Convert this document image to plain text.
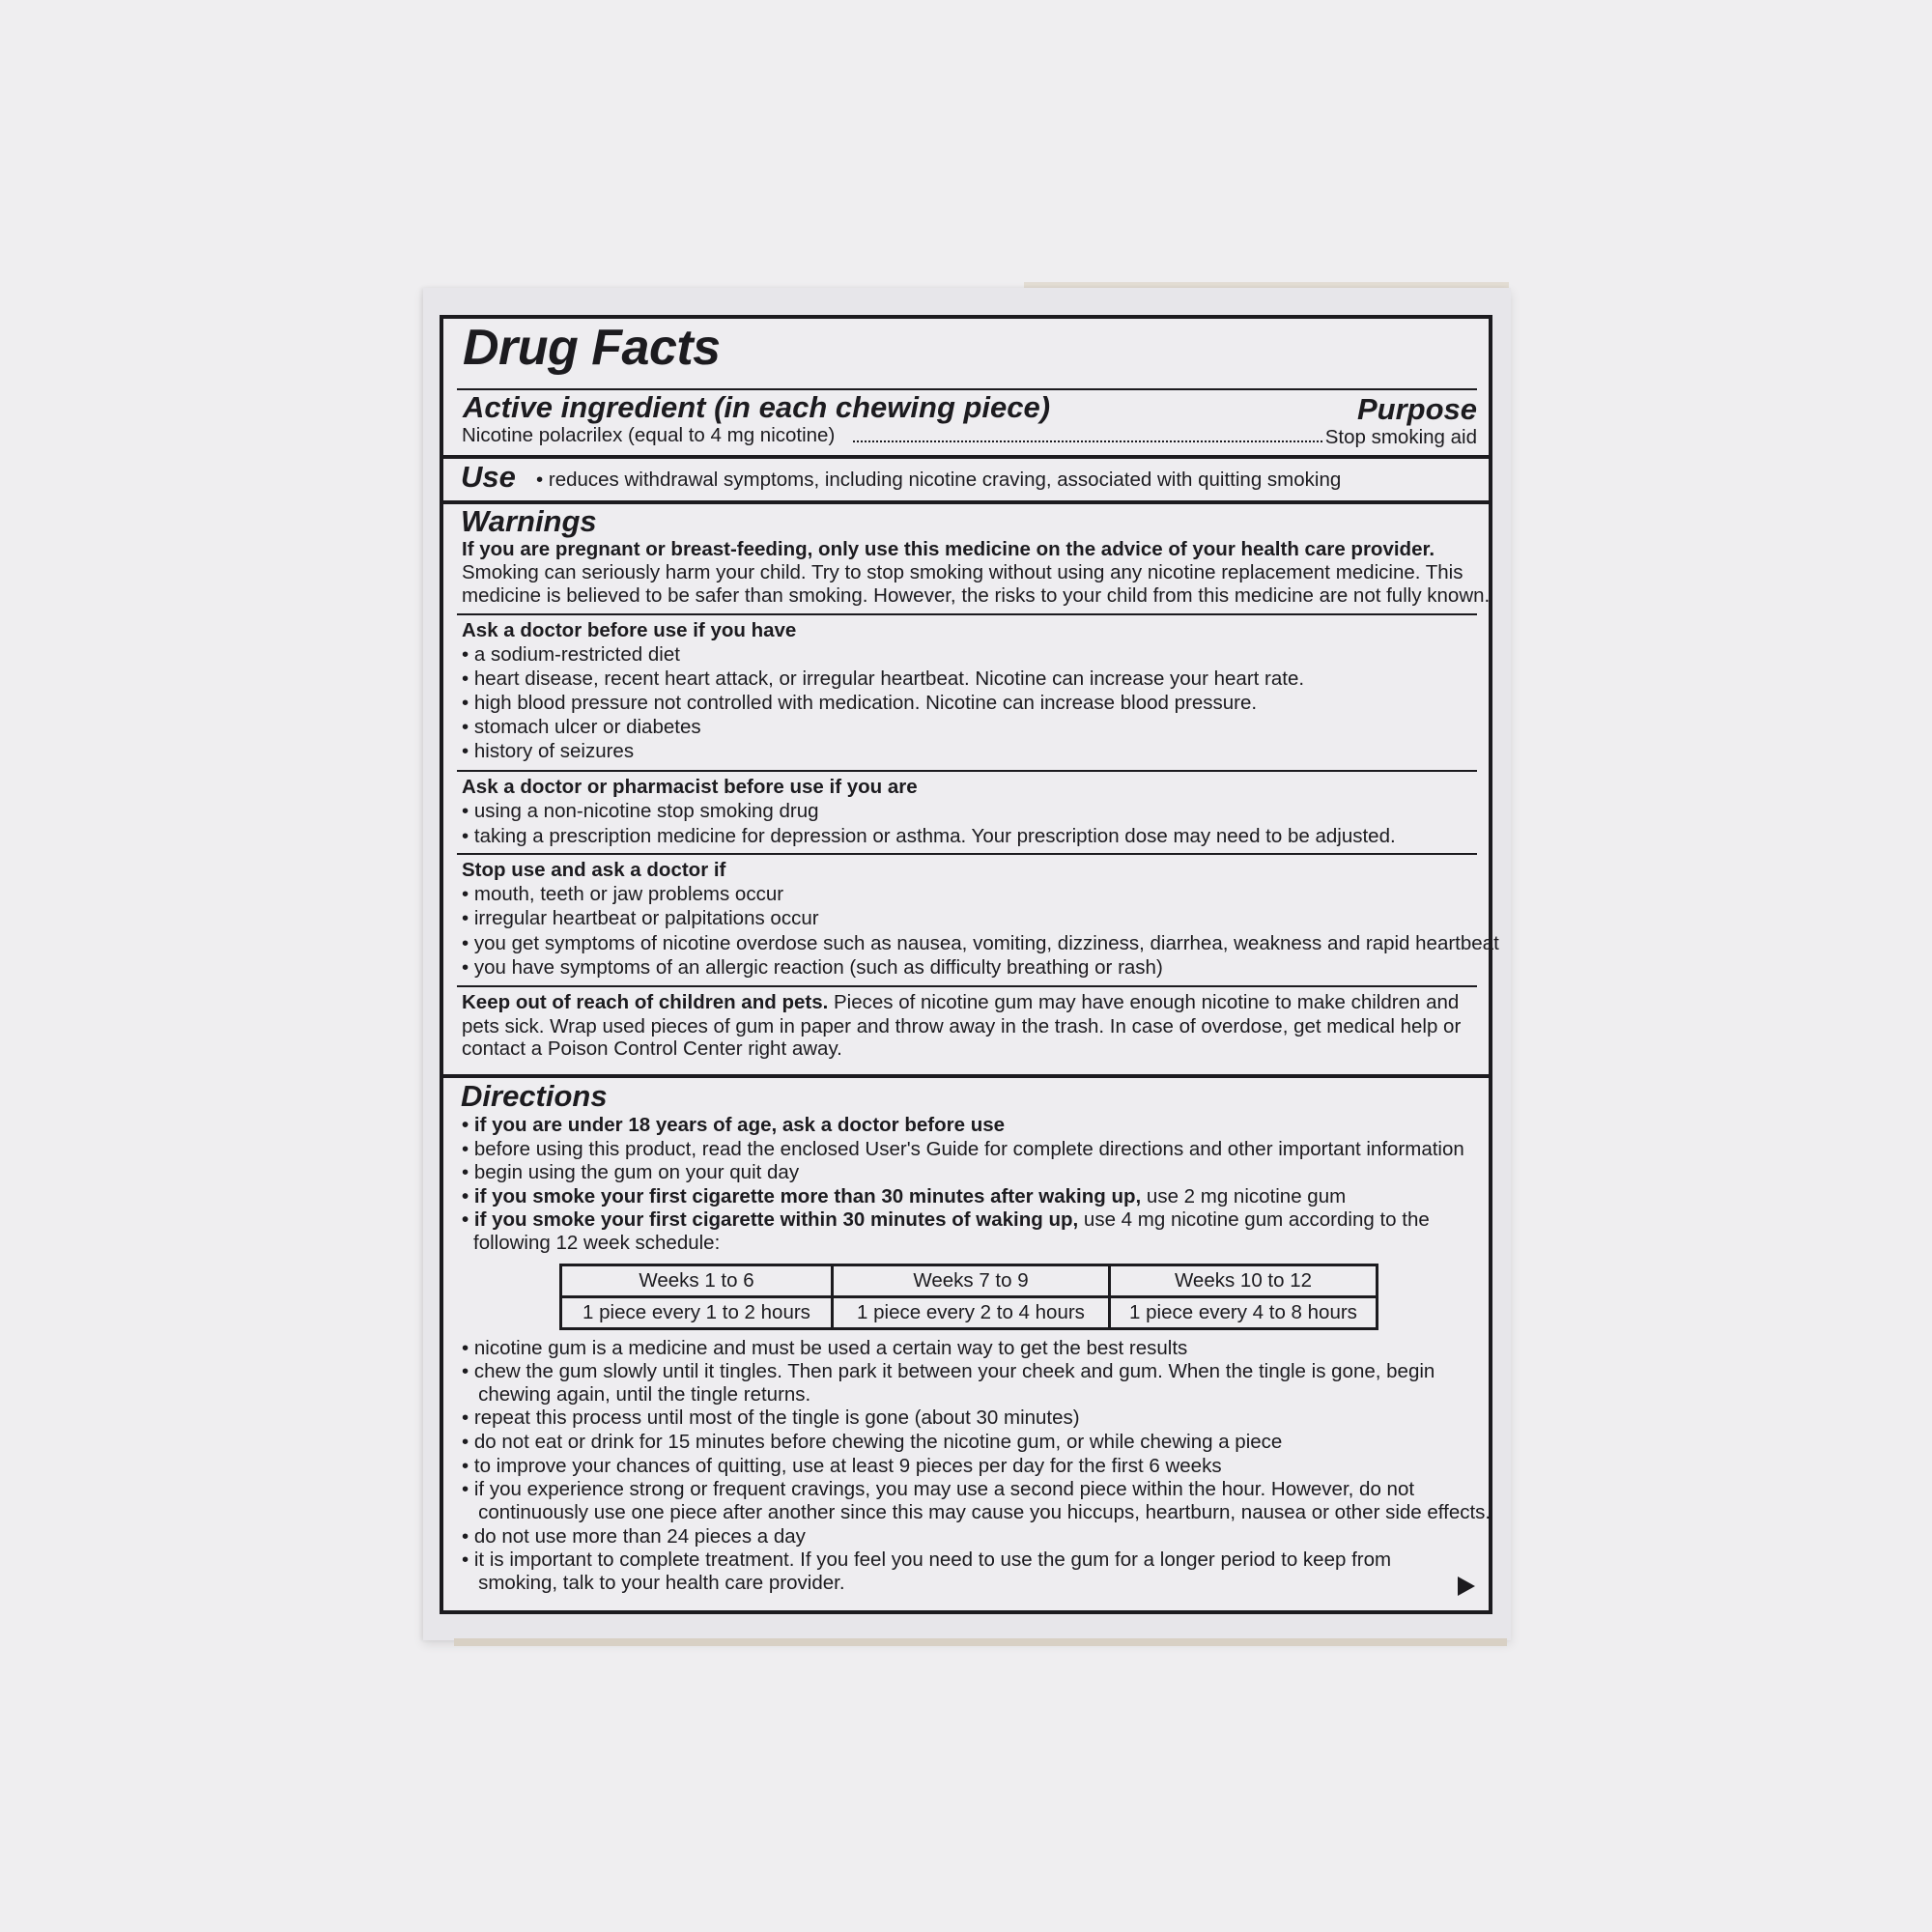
Drug Facts
Active ingredient (in each chewing piece)	Purpose
Nicotine polacrilex (equal to 4 mg nicotine)	Stop smoking aid
Use • reduces withdrawal symptoms, including nicotine craving, associated with quitting smoking
Warnings
If you are pregnant or breast-feeding, only use this medicine on the advice of your health care provider.
Smoking can seriously harm your child. Try to stop smoking without using any nicotine replacement medicine. This
medicine is believed to be safer than smoking. However, the risks to your child from this medicine are not fully known.
Ask a doctor before use if you have
• a sodium-restricted diet
• heart disease, recent heart attack, or irregular heartbeat. Nicotine can increase your heart rate.
• high blood pressure not controlled with medication. Nicotine can increase blood pressure.
• stomach ulcer or diabetes
• history of seizures
Ask a doctor or pharmacist before use if you are
• using a non-nicotine stop smoking drug
• taking a prescription medicine for depression or asthma. Your prescription dose may need to be adjusted.
Stop use and ask a doctor if
• mouth, teeth or jaw problems occur
• irregular heartbeat or palpitations occur
• you get symptoms of nicotine overdose such as nausea, vomiting, dizziness, diarrhea, weakness and rapid heartbeat
• you have symptoms of an allergic reaction (such as difficulty breathing or rash)
Keep out of reach of children and pets. Pieces of nicotine gum may have enough nicotine to make children and
pets sick. Wrap used pieces of gum in paper and throw away in the trash. In case of overdose, get medical help or
contact a Poison Control Center right away.
Directions
• if you are under 18 years of age, ask a doctor before use
• before using this product, read the enclosed User's Guide for complete directions and other important information
• begin using the gum on your quit day
• if you smoke your first cigarette more than 30 minutes after waking up, use 2 mg nicotine gum
• if you smoke your first cigarette within 30 minutes of waking up, use 4 mg nicotine gum according to the
following 12 week schedule:
Weeks 1 to 6	Weeks 7 to 9	Weeks 10 to 12
1 piece every 1 to 2 hours	1 piece every 2 to 4 hours	1 piece every 4 to 8 hours
• nicotine gum is a medicine and must be used a certain way to get the best results
• chew the gum slowly until it tingles. Then park it between your cheek and gum. When the tingle is gone, begin
chewing again, until the tingle returns.
• repeat this process until most of the tingle is gone (about 30 minutes)
• do not eat or drink for 15 minutes before chewing the nicotine gum, or while chewing a piece
• to improve your chances of quitting, use at least 9 pieces per day for the first 6 weeks
• if you experience strong or frequent cravings, you may use a second piece within the hour. However, do not
continuously use one piece after another since this may cause you hiccups, heartburn, nausea or other side effects.
• do not use more than 24 pieces a day
• it is important to complete treatment. If you feel you need to use the gum for a longer period to keep from
smoking, talk to your health care provider.
